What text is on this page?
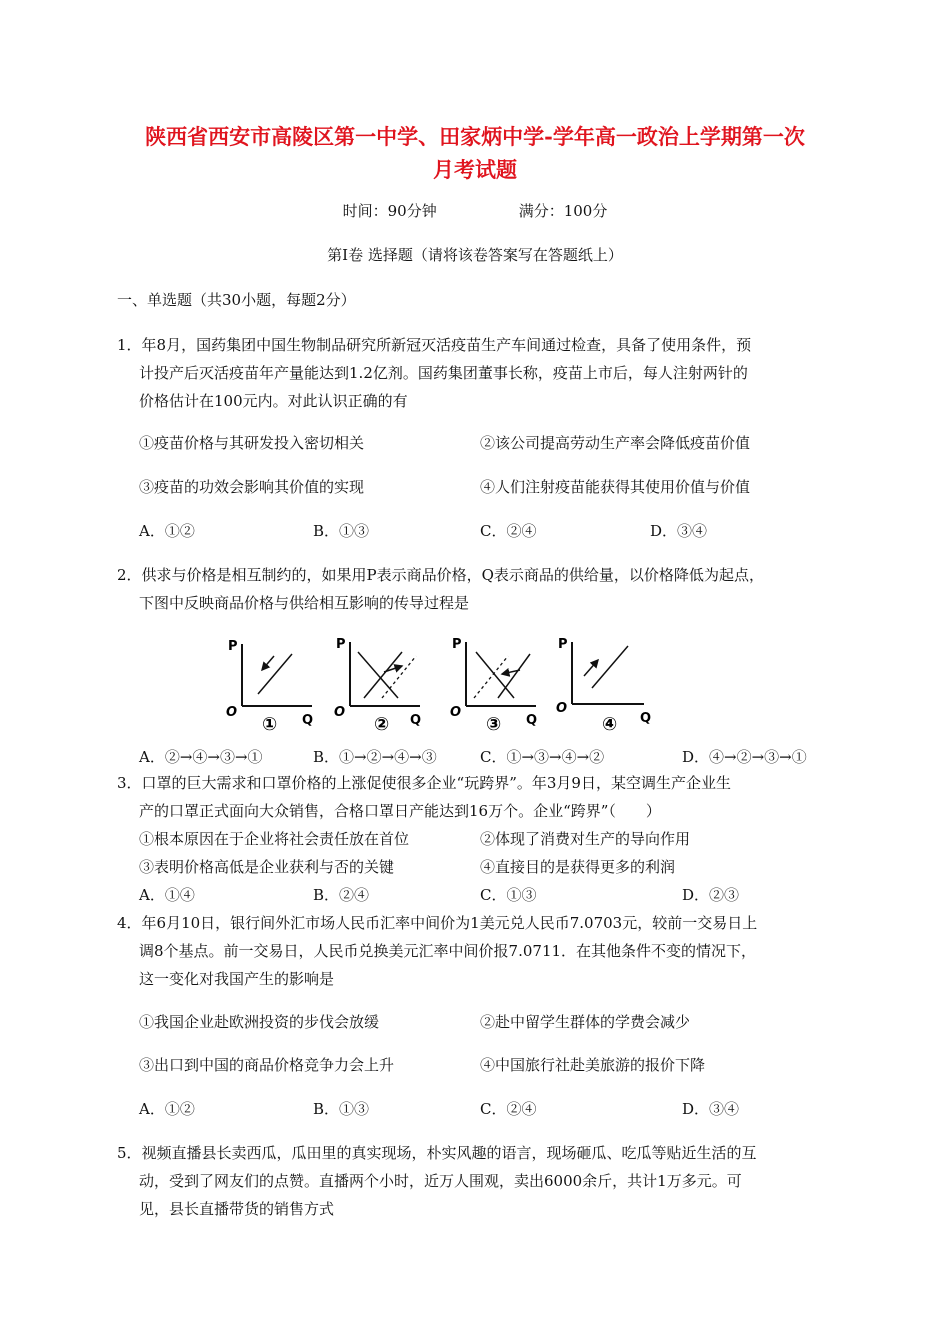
陕西省西安市高陵区第一中学、田家炳中学-学年高一政治上学期第一次
月考试题
时间：90分钟	满分：100分
第Ⅰ卷 选择题（请将该卷答案写在答题纸上）
一、单选题（共30小题，每题2分）
1．年8月，国药集团中国生物制品研究所新冠灭活疫苗生产车间通过检查，具备了使用条件，预
计投产后灭活疫苗年产量能达到1.2亿剂。国药集团董事长称，疫苗上市后，每人注射两针的
价格估计在100元内。对此认识正确的有
①疫苗价格与其研发投入密切相关	②该公司提高劳动生产率会降低疫苗价值
③疫苗的功效会影响其价值的实现	④人们注射疫苗能获得其使用价值与价值
A．①②	B．①③	C．②④	D．③④
2．供求与价格是相互制约的，如果用P表示商品价格，Q表示商品的供给量，以价格降低为起点，
下图中反映商品价格与供给相互影响的传导过程是
P
O
Q
①
P
O
Q
②
P
O
Q
③
P
O
Q
④
A．②→④→③→①	B．①→②→④→③	C．①→③→④→②	D．④→②→③→①
3．口罩的巨大需求和口罩价格的上涨促使很多企业“玩跨界”。年3月9日，某空调生产企业生
产的口罩正式面向大众销售，合格口罩日产能达到16万个。企业“跨界”（　　）
①根本原因在于企业将社会责任放在首位	②体现了消费对生产的导向作用
③表明价格高低是企业获利与否的关键	④直接目的是获得更多的利润
A．①④	B．②④	C．①③	D．②③
4．年6月10日，银行间外汇市场人民币汇率中间价为1美元兑人民币7.0703元，较前一交易日上
调8个基点。前一交易日，人民币兑换美元汇率中间价报7.0711．在其他条件不变的情况下，
这一变化对我国产生的影响是
①我国企业赴欧洲投资的步伐会放缓	②赴中留学生群体的学费会减少
③出口到中国的商品价格竞争力会上升	④中国旅行社赴美旅游的报价下降
A．①②	B．①③	C．②④	D．③④
5．视频直播县长卖西瓜，瓜田里的真实现场，朴实风趣的语言，现场砸瓜、吃瓜等贴近生活的互
动，受到了网友们的点赞。直播两个小时，近万人围观，卖出6000余斤，共计1万多元。可
见，县长直播带货的销售方式
